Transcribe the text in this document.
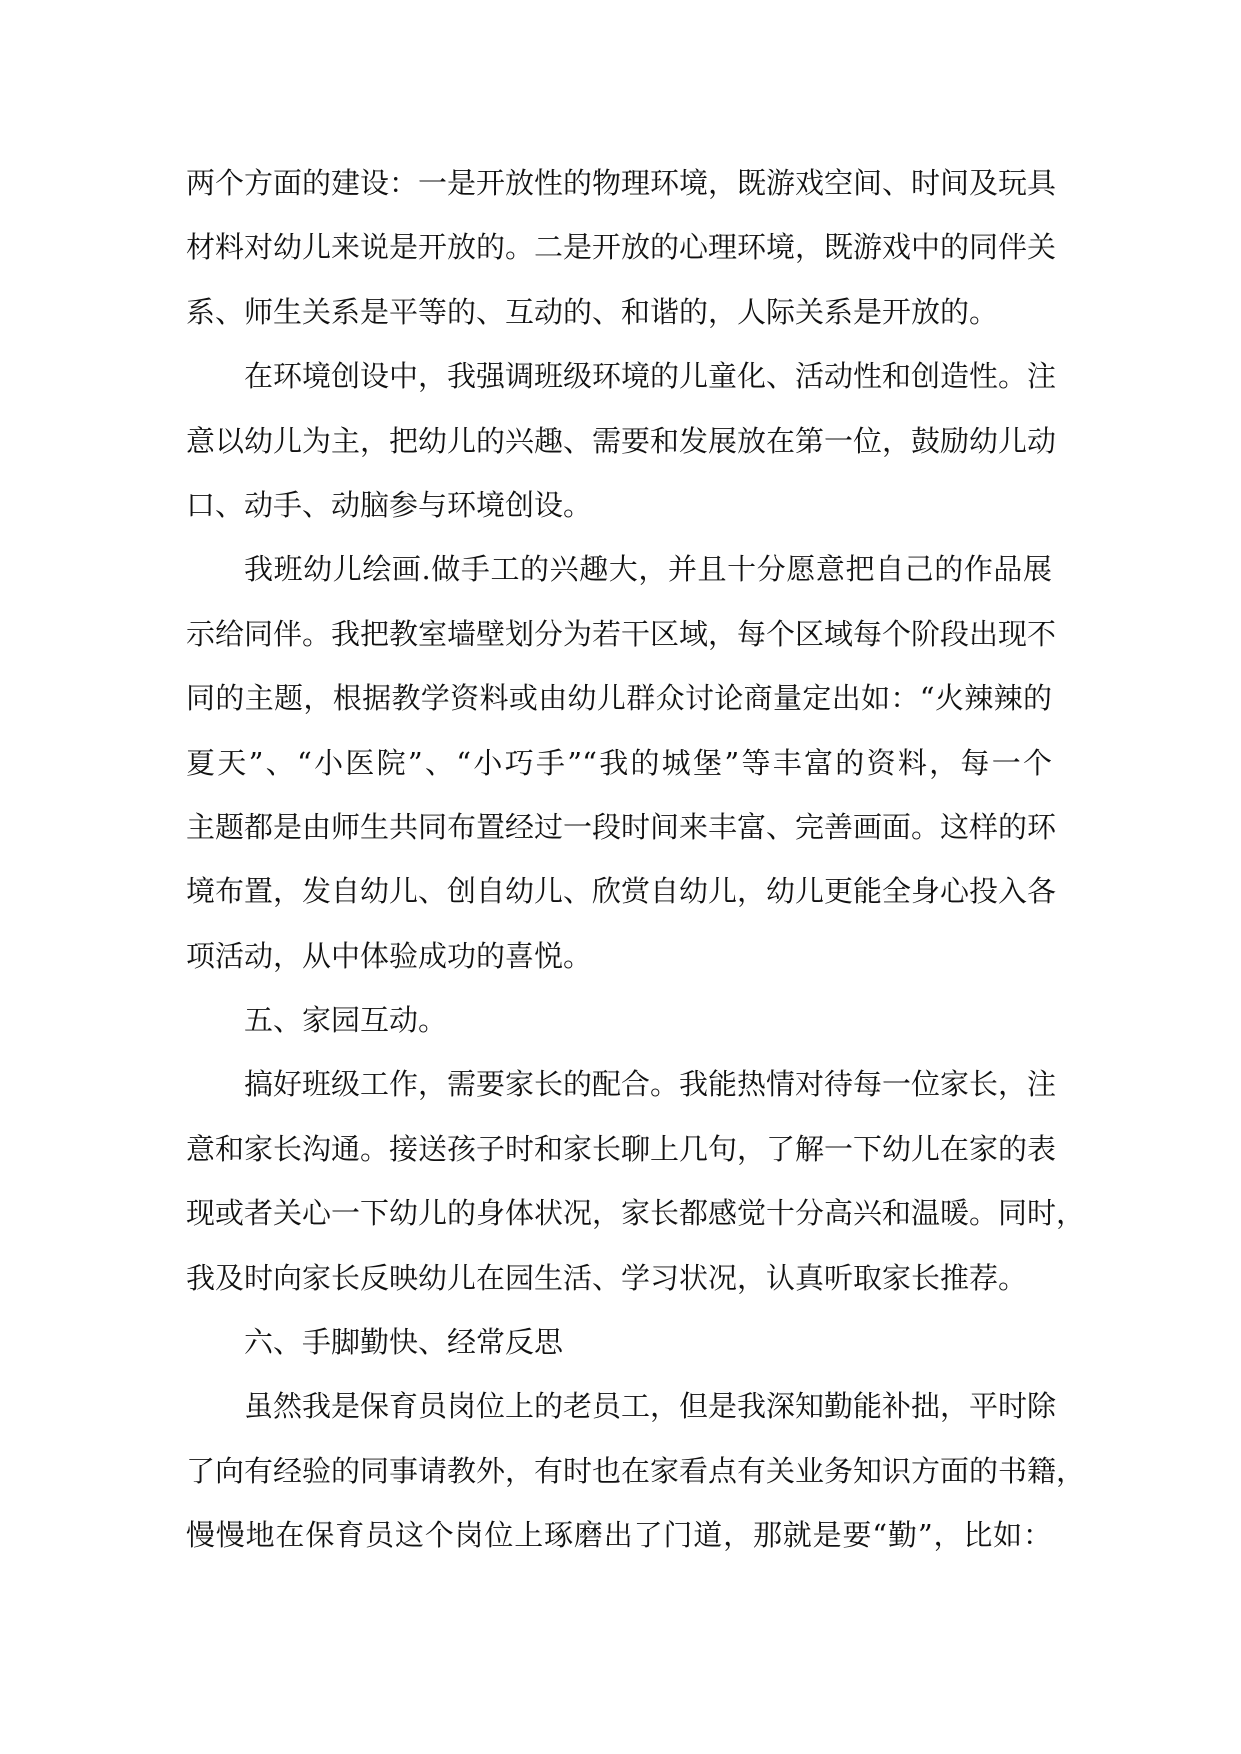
两个方面的建设：一是开放性的物理环境，既游戏空间、时间及玩具
材料对幼儿来说是开放的。二是开放的心理环境，既游戏中的同伴关
系、师生关系是平等的、互动的、和谐的，人际关系是开放的。
在环境创设中，我强调班级环境的儿童化、活动性和创造性。注
意以幼儿为主，把幼儿的兴趣、需要和发展放在第一位，鼓励幼儿动
口、动手、动脑参与环境创设。
我班幼儿绘画.做手工的兴趣大，并且十分愿意把自己的作品展
示给同伴。我把教室墙壁划分为若干区域，每个区域每个阶段出现不
同的主题，根据教学资料或由幼儿群众讨论商量定出如：“火辣辣的
夏天”、“小医院”、“小巧手”“我的城堡”等丰富的资料，每一个
主题都是由师生共同布置经过一段时间来丰富、完善画面。这样的环
境布置，发自幼儿、创自幼儿、欣赏自幼儿，幼儿更能全身心投入各
项活动，从中体验成功的喜悦。
五、家园互动。
搞好班级工作，需要家长的配合。我能热情对待每一位家长，注
意和家长沟通。接送孩子时和家长聊上几句，了解一下幼儿在家的表
现或者关心一下幼儿的身体状况，家长都感觉十分高兴和温暖。同时，
我及时向家长反映幼儿在园生活、学习状况，认真听取家长推荐。
六、手脚勤快、经常反思
虽然我是保育员岗位上的老员工，但是我深知勤能补拙，平时除
了向有经验的同事请教外，有时也在家看点有关业务知识方面的书籍，
慢慢地在保育员这个岗位上琢磨出了门道，那就是要“勤”，比如：
